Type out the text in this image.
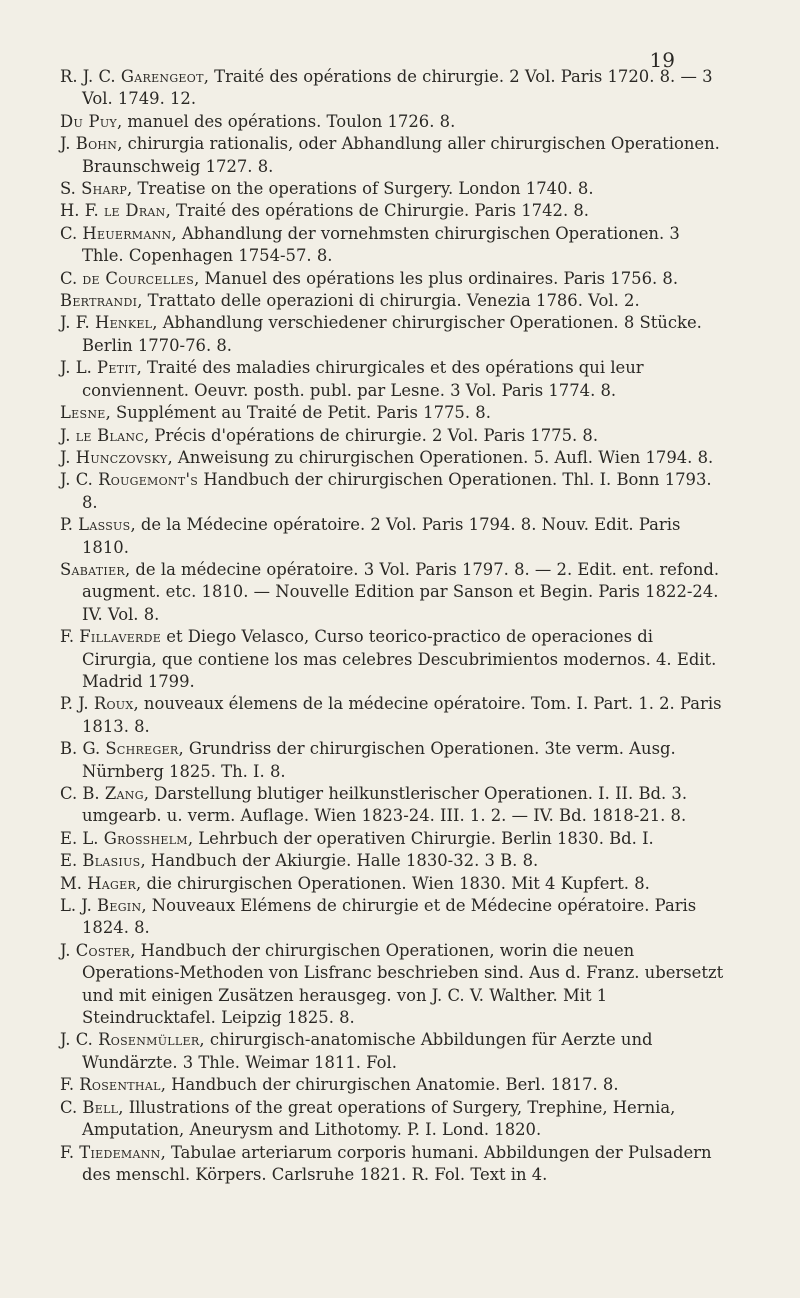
19

R. J. C. Garengeot, Traité des opérations de chirurgie. 2 Vol. Paris 1720. 8. — 3 Vol. 1749. 12.

Du Puy, manuel des opérations. Toulon 1726. 8.

J. Bohn, chirurgia rationalis, oder Abhandlung aller chirurgischen Operationen. Braunschweig 1727. 8.

S. Sharp, Treatise on the operations of Surgery. London 1740. 8.

H. F. le Dran, Traité des opérations de Chirurgie. Paris 1742. 8.

C. Heuermann, Abhandlung der vornehmsten chirurgischen Operationen. 3 Thle. Copenhagen 1754-57. 8.

C. de Courcelles, Manuel des opérations les plus ordinaires. Paris 1756. 8.

Bertrandi, Trattato delle operazioni di chirurgia. Venezia 1786. Vol. 2.

J. F. Henkel, Abhandlung verschiedener chirurgischer Operationen. 8 Stücke. Berlin 1770-76. 8.

J. L. Petit, Traité des maladies chirurgicales et des opérations qui leur conviennent. Oeuvr. posth. publ. par Lesne. 3 Vol. Paris 1774. 8.

Lesne, Supplément au Traité de Petit. Paris 1775. 8.

J. le Blanc, Précis d'opérations de chirurgie. 2 Vol. Paris 1775. 8.

J. Hunczovsky, Anweisung zu chirurgischen Operationen. 5. Aufl. Wien 1794. 8.

J. C. Rougemont's Handbuch der chirurgischen Operationen. Thl. I. Bonn 1793. 8.

P. Lassus, de la Médecine opératoire. 2 Vol. Paris 1794. 8. Nouv. Edit. Paris 1810.

Sabatier, de la médecine opératoire. 3 Vol. Paris 1797. 8. — 2. Edit. ent. refond. augment. etc. 1810. — Nouvelle Edition par Sanson et Begin. Paris 1822-24. IV. Vol. 8.

F. Fillaverde et Diego Velasco, Curso teorico-practico de operaciones di Cirurgia, que contiene los mas celebres Descubrimientos modernos. 4. Edit. Madrid 1799.

P. J. Roux, nouveaux élemens de la médecine opératoire. Tom. I. Part. 1. 2. Paris 1813. 8.

B. G. Schreger, Grundriss der chirurgischen Operationen. 3te verm. Ausg. Nürnberg 1825. Th. I. 8.

C. B. Zang, Darstellung blutiger heilkunstlerischer Operationen. I. II. Bd. 3. umgearb. u. verm. Auflage. Wien 1823-24. III. 1. 2. — IV. Bd. 1818-21. 8.

E. L. Grosshelm, Lehrbuch der operativen Chirurgie. Berlin 1830. Bd. I.

E. Blasius, Handbuch der Akiurgie. Halle 1830-32. 3 B. 8.

M. Hager, die chirurgischen Operationen. Wien 1830. Mit 4 Kupfert. 8.

L. J. Begin, Nouveaux Elémens de chirurgie et de Médecine opératoire. Paris 1824. 8.

J. Coster, Handbuch der chirurgischen Operationen, worin die neuen Operations-Methoden von Lisfranc beschrieben sind. Aus d. Franz. ubersetzt und mit einigen Zusätzen herausgeg. von J. C. V. Walther. Mit 1 Steindrucktafel. Leipzig 1825. 8.

J. C. Rosenmüller, chirurgisch-anatomische Abbildungen für Aerzte und Wundärzte. 3 Thle. Weimar 1811. Fol.

F. Rosenthal, Handbuch der chirurgischen Anatomie. Berl. 1817. 8.

C. Bell, Illustrations of the great operations of Surgery, Trephine, Hernia, Amputation, Aneurysm and Lithotomy. P. I. Lond. 1820.

F. Tiedemann, Tabulae arteriarum corporis humani. Abbildungen der Pulsadern des menschl. Körpers. Carlsruhe 1821. R. Fol. Text in 4.
